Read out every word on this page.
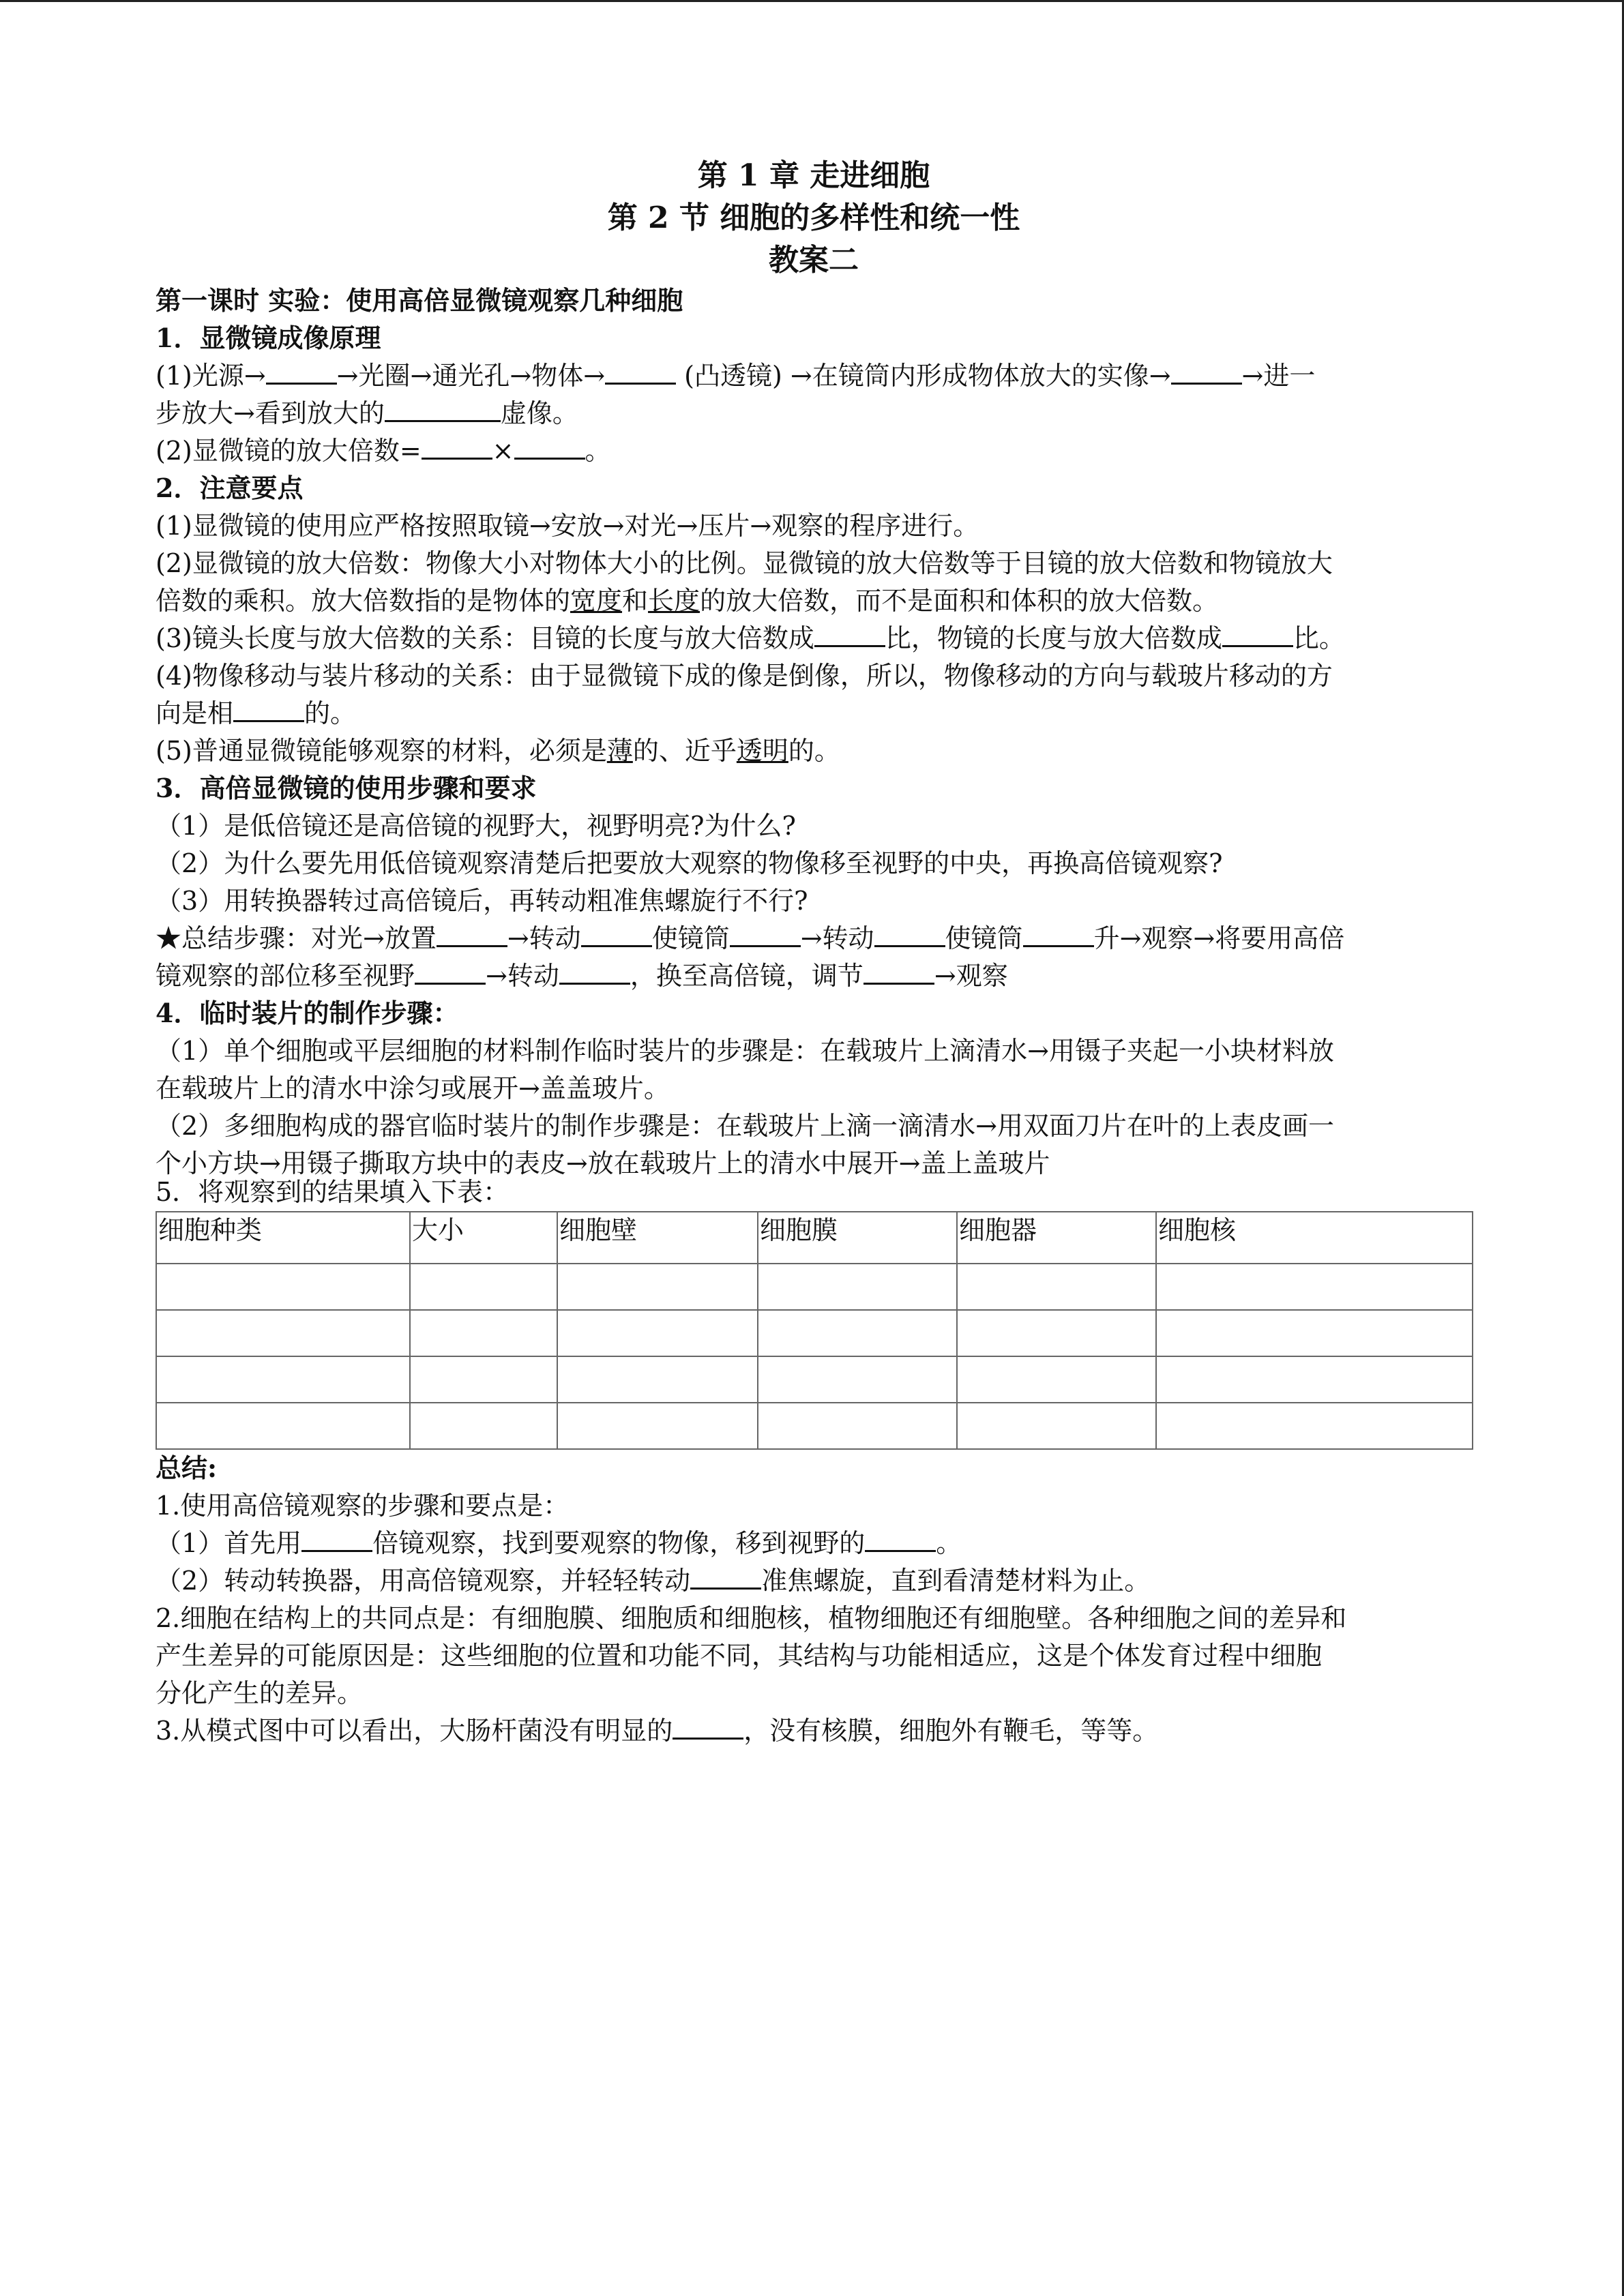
第 1 章 走进细胞
第 2 节 细胞的多样性和统一性
教案二
第一课时 实验：使用高倍显微镜观察几种细胞
1．显微镜成像原理
(1)光源→	→光圈→通光孔→物体→	(凸透镜) →在镜筒内形成物体放大的实像→	→进一
步放大→看到放大的	虚像。
(2)显微镜的放大倍数=	×	。
2．注意要点
(1)显微镜的使用应严格按照取镜→安放→对光→压片→观察的程序进行。
(2)显微镜的放大倍数：物像大小对物体大小的比例。显微镜的放大倍数等于目镜的放大倍数和物镜放大
倍数的乘积。放大倍数指的是物体的宽度和长度的放大倍数，而不是面积和体积的放大倍数。
(3)镜头长度与放大倍数的关系：目镜的长度与放大倍数成	比，物镜的长度与放大倍数成	比。
(4)物像移动与装片移动的关系：由于显微镜下成的像是倒像，所以，物像移动的方向与载玻片移动的方
向是相	的。
(5)普通显微镜能够观察的材料，必须是薄的、近乎透明的。
3．高倍显微镜的使用步骤和要求
（1）是低倍镜还是高倍镜的视野大，视野明亮?为什么?
（2）为什么要先用低倍镜观察清楚后把要放大观察的物像移至视野的中央，再换高倍镜观察?
（3）用转换器转过高倍镜后，再转动粗准焦螺旋行不行?
★总结步骤：对光→放置	→转动	使镜筒	→转动	使镜筒	升→观察→将要用高倍
镜观察的部位移至视野	→转动	，换至高倍镜，调节	→观察
4．临时装片的制作步骤：
（1）单个细胞或平层细胞的材料制作临时装片的步骤是：在载玻片上滴清水→用镊子夹起一小块材料放
在载玻片上的清水中涂匀或展开→盖盖玻片。
（2）多细胞构成的器官临时装片的制作步骤是：在载玻片上滴一滴清水→用双面刀片在叶的上表皮画一
个小方块→用镊子撕取方块中的表皮→放在载玻片上的清水中展开→盖上盖玻片
5．将观察到的结果填入下表：
细胞种类	大小	细胞壁	细胞膜	细胞器	细胞核

总结:
1.使用高倍镜观察的步骤和要点是：
（1）首先用	倍镜观察，找到要观察的物像，移到视野的	。
（2）转动转换器，用高倍镜观察，并轻轻转动	准焦螺旋，直到看清楚材料为止。
2.细胞在结构上的共同点是：有细胞膜、细胞质和细胞核，植物细胞还有细胞壁。各种细胞之间的差异和
产生差异的可能原因是：这些细胞的位置和功能不同，其结构与功能相适应，这是个体发育过程中细胞
分化产生的差异。
3.从模式图中可以看出，大肠杆菌没有明显的	，没有核膜，细胞外有鞭毛，等等。
